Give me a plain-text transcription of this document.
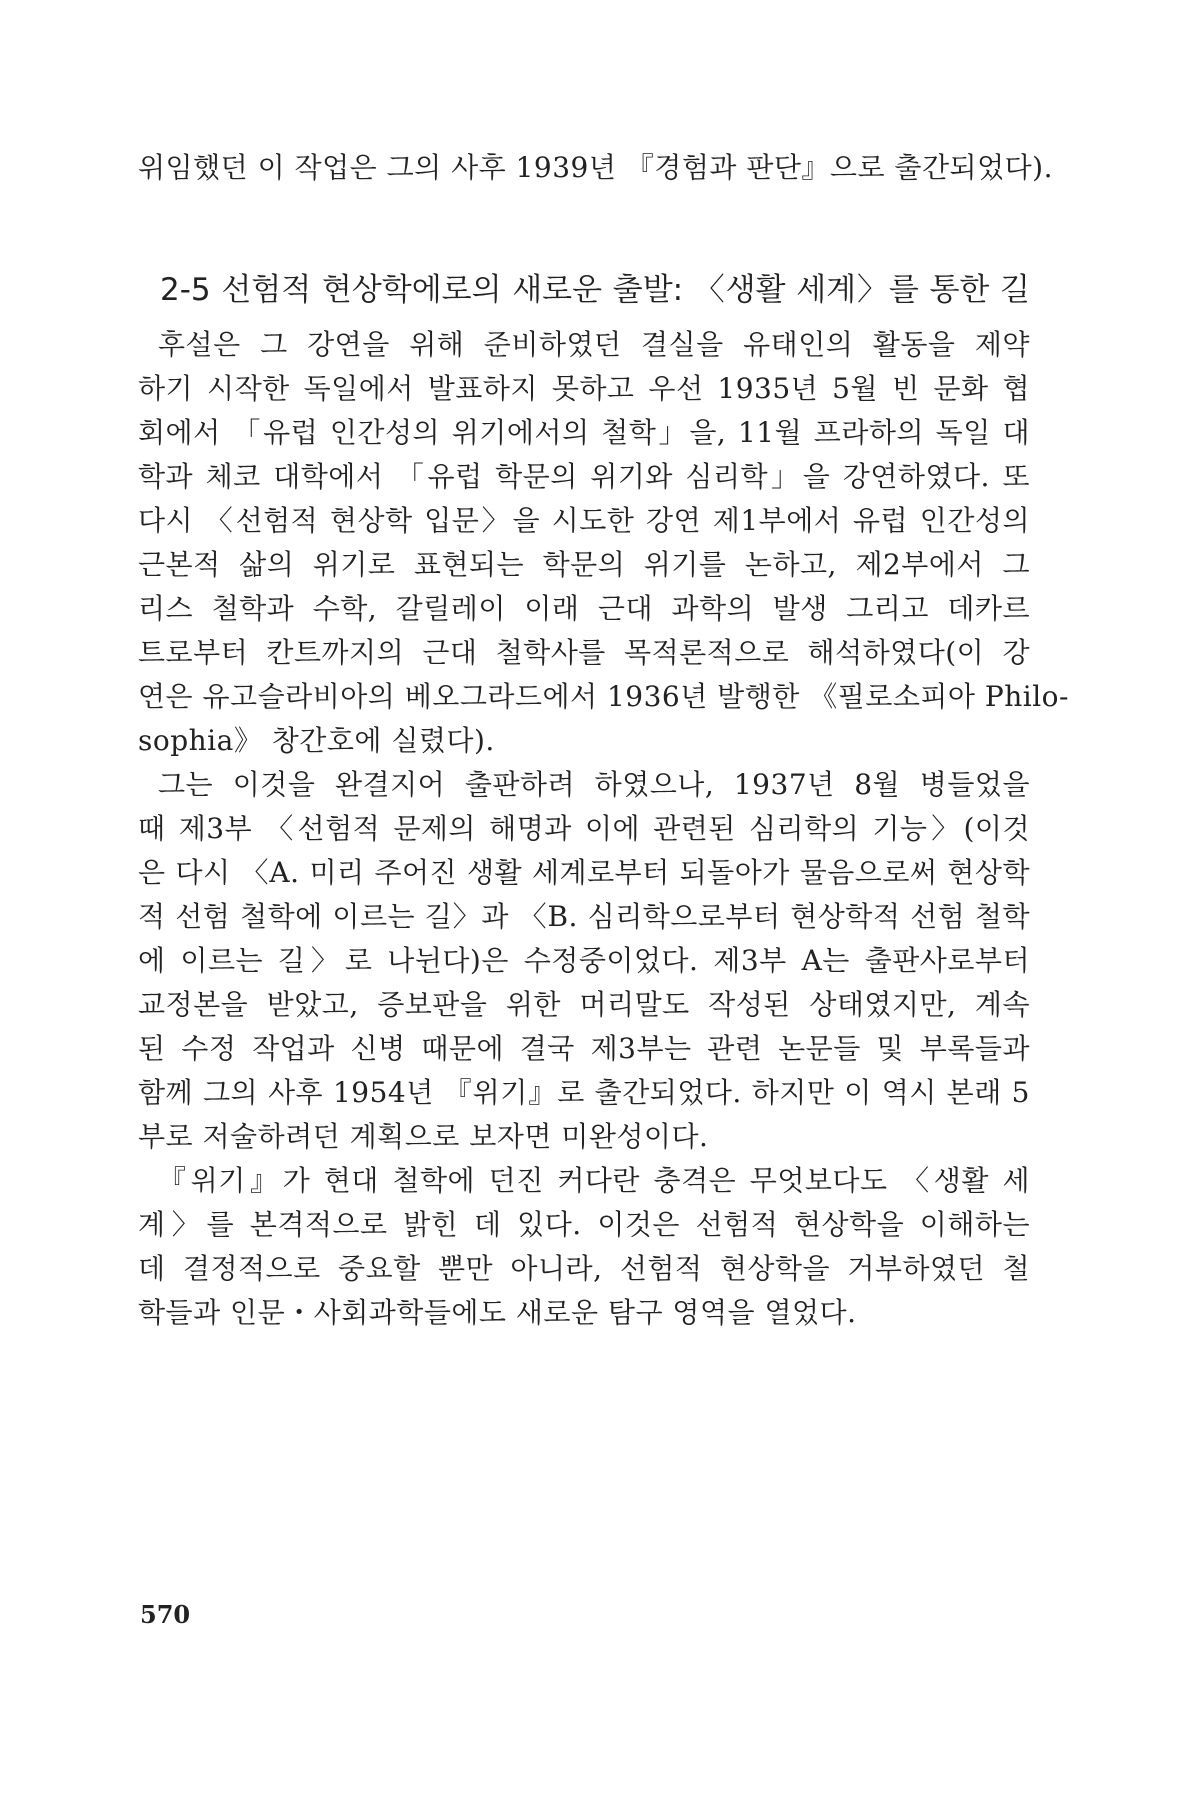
위임했던 이 작업은 그의 사후 1939년 『경험과 판단』으로 출간되었다).
2-5 선험적 현상학에로의 새로운 출발: 〈생활 세계〉를 통한 길
후설은 그 강연을 위해 준비하였던 결실을 유태인의 활동을 제약
하기 시작한 독일에서 발표하지 못하고 우선 1935년 5월 빈 문화 협
회에서 「유럽 인간성의 위기에서의 철학」을, 11월 프라하의 독일 대
학과 체코 대학에서 「유럽 학문의 위기와 심리학」을 강연하였다. 또
다시 〈선험적 현상학 입문〉을 시도한 강연 제1부에서 유럽 인간성의
근본적 삶의 위기로 표현되는 학문의 위기를 논하고, 제2부에서 그
리스 철학과 수학, 갈릴레이 이래 근대 과학의 발생 그리고 데카르
트로부터 칸트까지의 근대 철학사를 목적론적으로 해석하였다(이 강
연은 유고슬라비아의 베오그라드에서 1936년 발행한 《필로소피아 Philo-
sophia》 창간호에 실렸다).
그는 이것을 완결지어 출판하려 하였으나, 1937년 8월 병들었을
때 제3부 〈선험적 문제의 해명과 이에 관련된 심리학의 기능〉(이것
은 다시 〈A. 미리 주어진 생활 세계로부터 되돌아가 물음으로써 현상학
적 선험 철학에 이르는 길〉과 〈B. 심리학으로부터 현상학적 선험 철학
에 이르는 길〉로 나뉜다)은 수정중이었다. 제3부 A는 출판사로부터
교정본을 받았고, 증보판을 위한 머리말도 작성된 상태였지만, 계속
된 수정 작업과 신병 때문에 결국 제3부는 관련 논문들 및 부록들과
함께 그의 사후 1954년 『위기』로 출간되었다. 하지만 이 역시 본래 5
부로 저술하려던 계획으로 보자면 미완성이다.
『위기』가 현대 철학에 던진 커다란 충격은 무엇보다도 〈생활 세
계〉를 본격적으로 밝힌 데 있다. 이것은 선험적 현상학을 이해하는
데 결정적으로 중요할 뿐만 아니라, 선험적 현상학을 거부하였던 철
학들과 인문・사회과학들에도 새로운 탐구 영역을 열었다.
570
